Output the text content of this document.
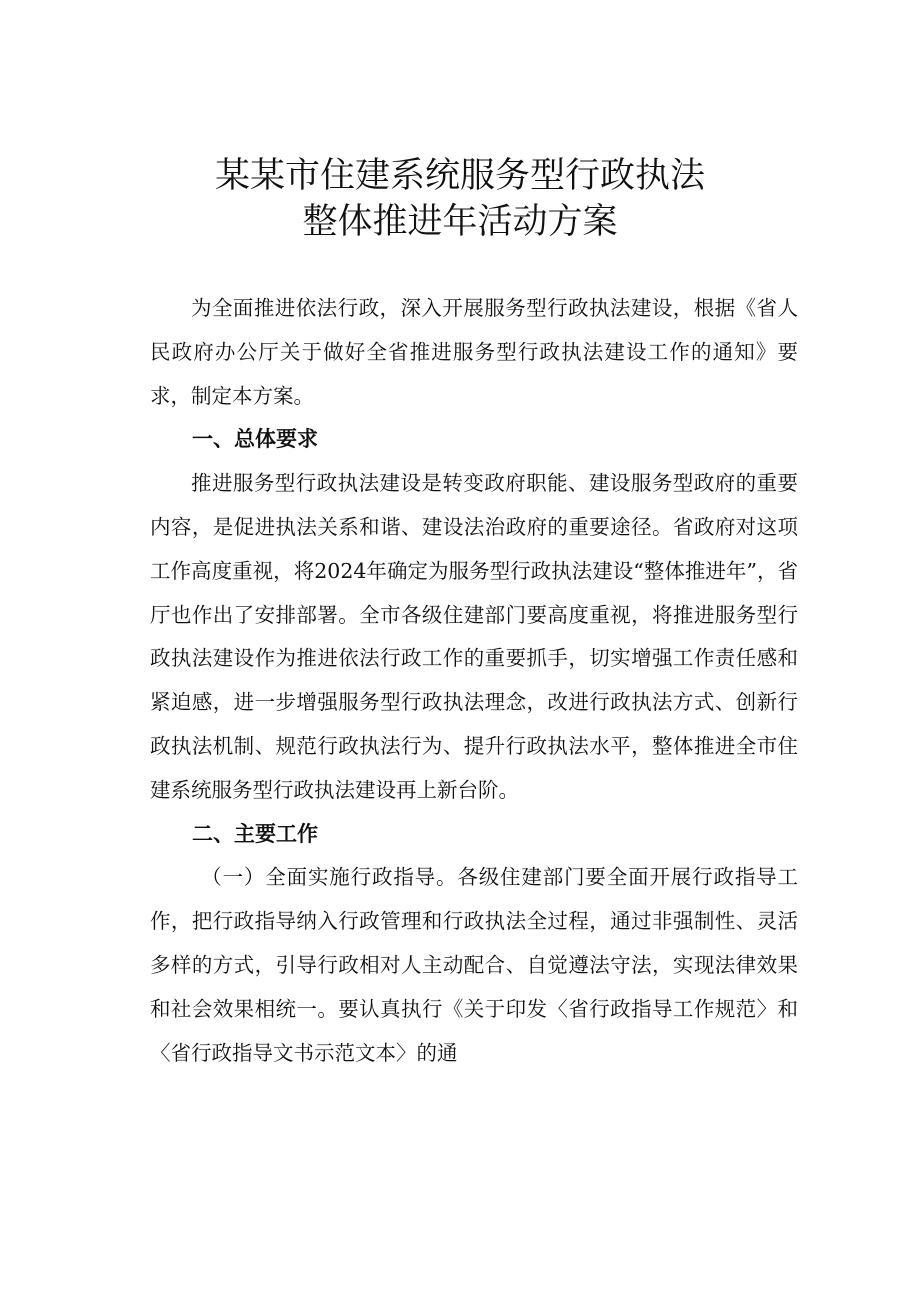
某某市住建系统服务型行政执法
整体推进年活动方案

为全面推进依法行政，深入开展服务型行政执法建设，根据《省人民政府办公厅关于做好全省推进服务型行政执法建设工作的通知》要求，制定本方案。

一、总体要求

推进服务型行政执法建设是转变政府职能、建设服务型政府的重要内容，是促进执法关系和谐、建设法治政府的重要途径。省政府对这项工作高度重视，将2024年确定为服务型行政执法建设“整体推进年”，省厅也作出了安排部署。全市各级住建部门要高度重视，将推进服务型行政执法建设作为推进依法行政工作的重要抓手，切实增强工作责任感和紧迫感，进一步增强服务型行政执法理念，改进行政执法方式、创新行政执法机制、规范行政执法行为、提升行政执法水平，整体推进全市住建系统服务型行政执法建设再上新台阶。

二、主要工作

（一）全面实施行政指导。各级住建部门要全面开展行政指导工作，把行政指导纳入行政管理和行政执法全过程，通过非强制性、灵活多样的方式，引导行政相对人主动配合、自觉遵法守法，实现法律效果和社会效果相统一。要认真执行《关于印发〈省行政指导工作规范〉和〈省行政指导文书示范文本〉的通
